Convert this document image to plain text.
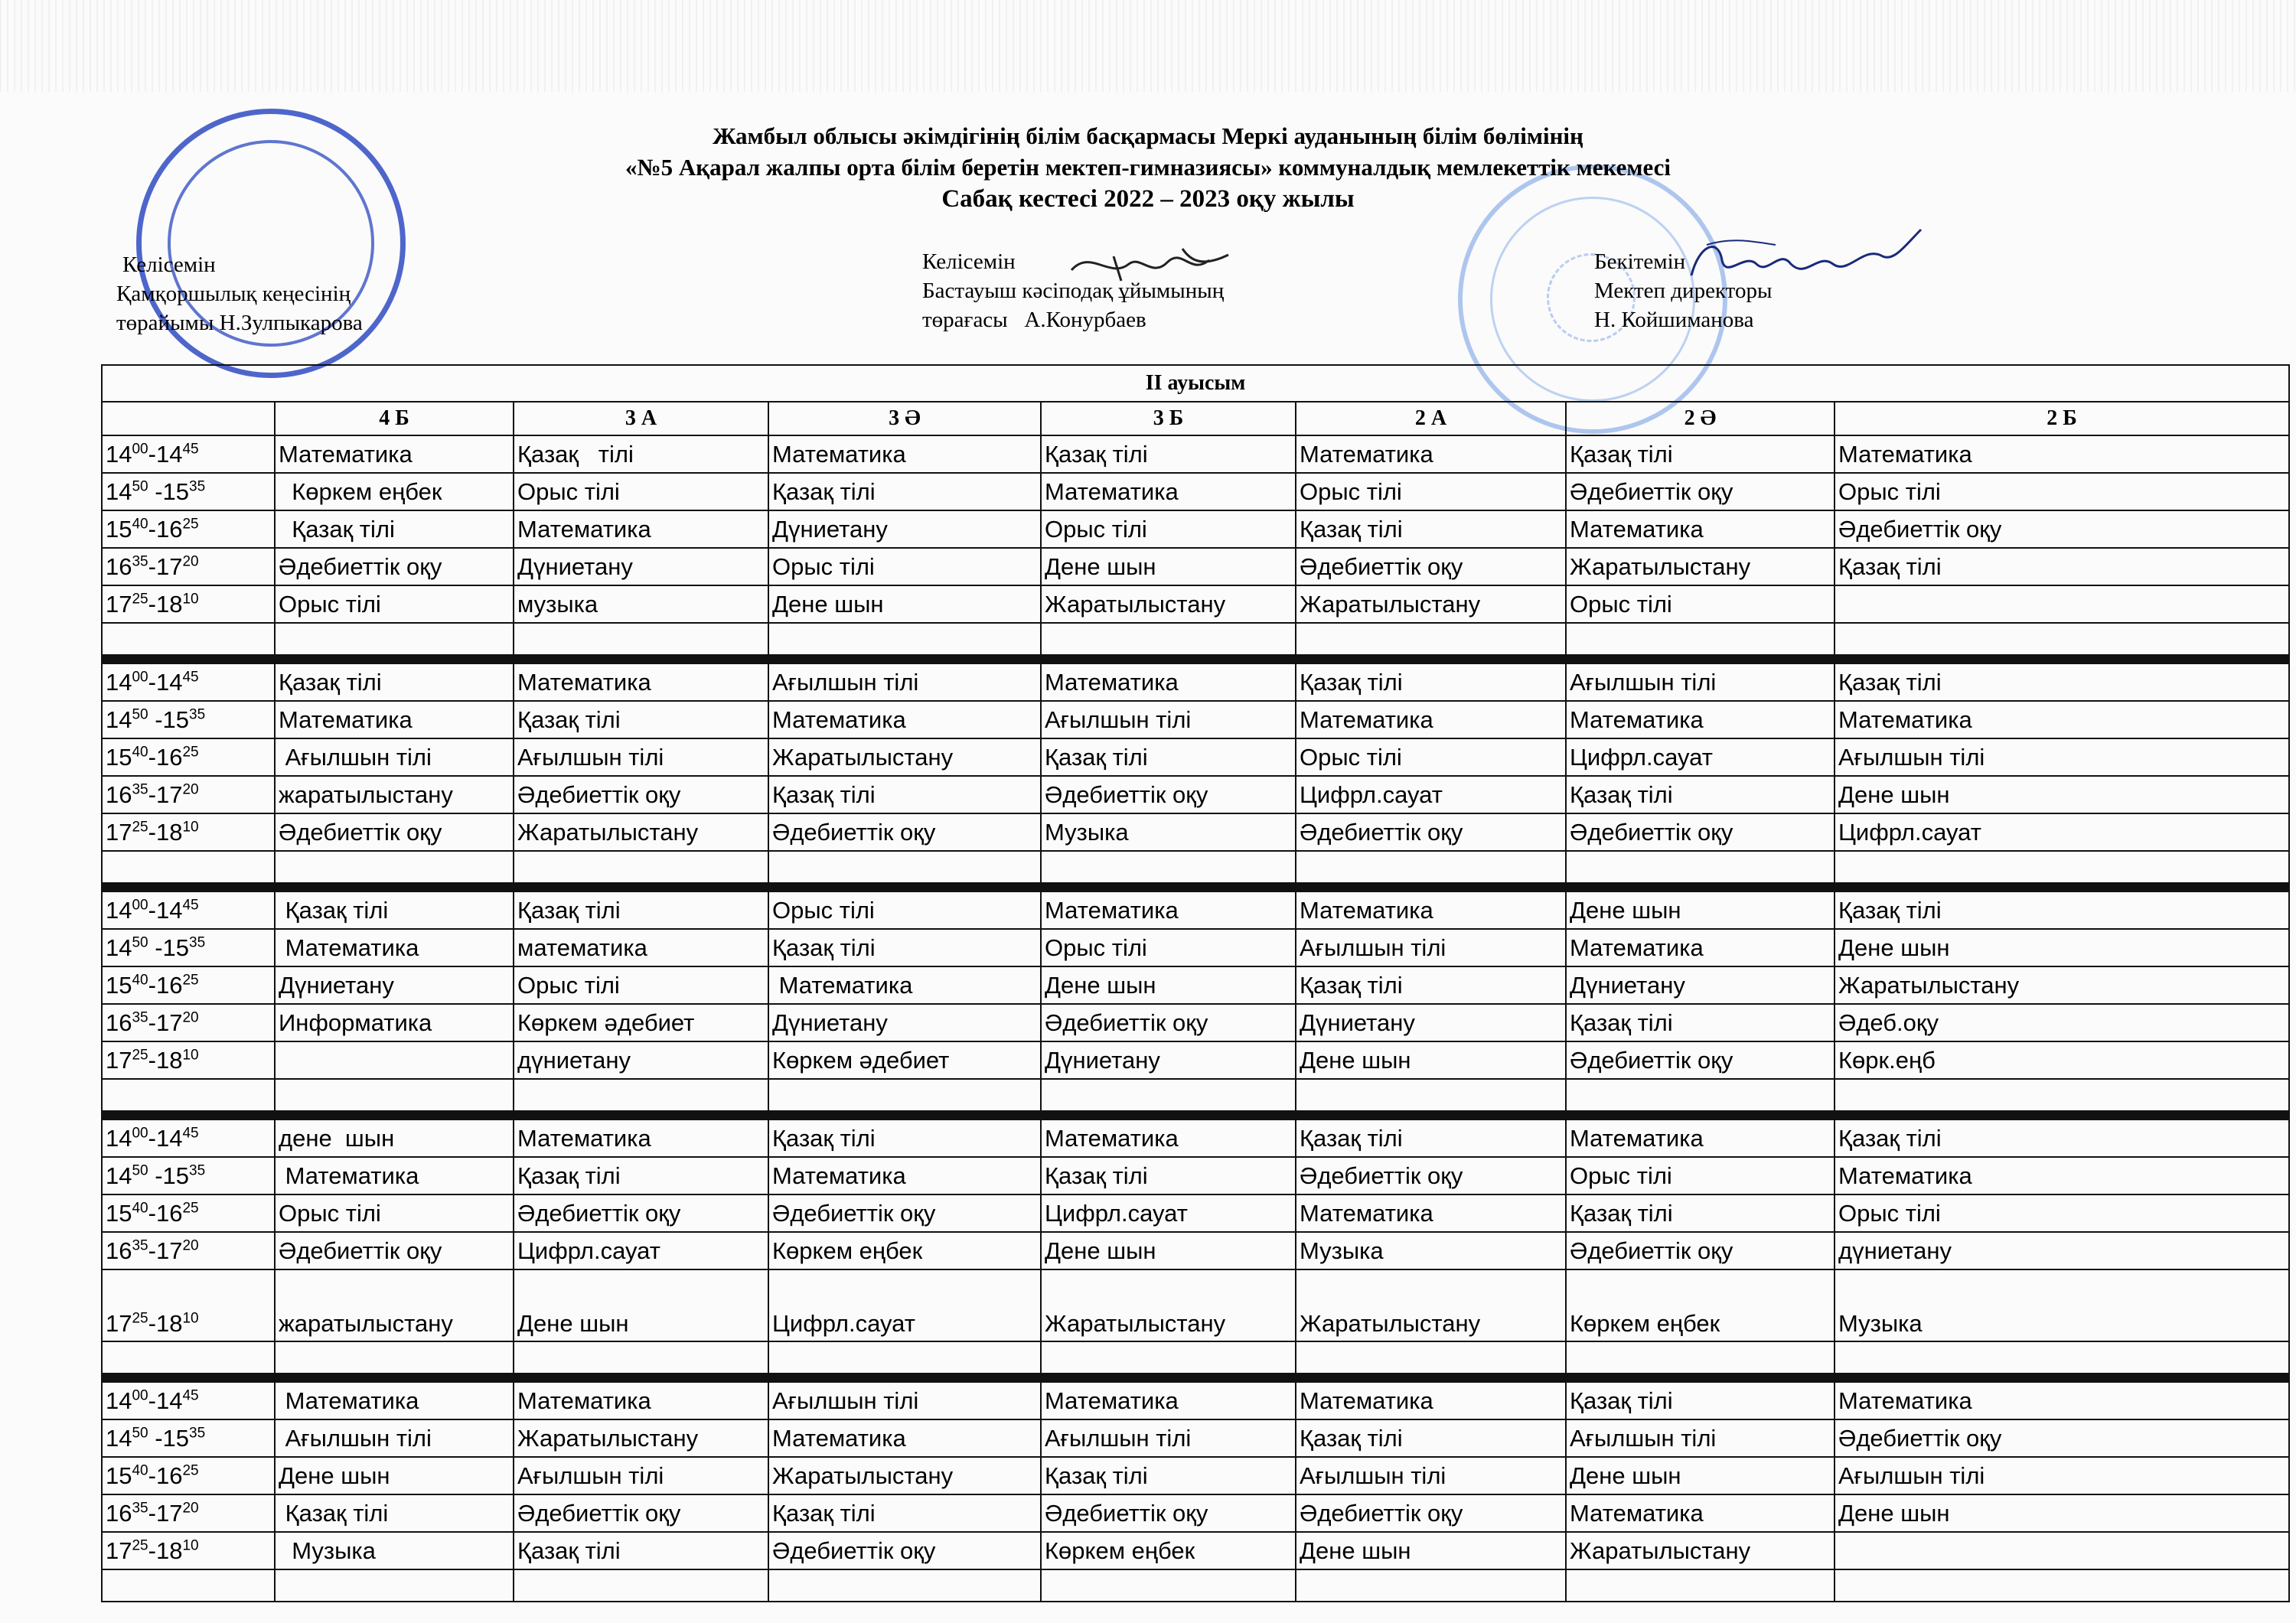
Жамбыл облысы әкімдігінің білім басқармасы Меркі ауданының білім бөлімінің
«№5 Ақарал жалпы орта білім беретін мектеп-гимназиясы» коммуналдық мемлекеттік мекемесі
Сабақ кестесі 2022 – 2023 оқу жылы
Келісемін
Қамқоршылық кеңесінің
төрайымы Н.Зулпыкарова
Келісемін
Бастауыш кәсіподақ ұйымының
төрағасы А.Конурбаев
Бекітемін
Мектеп директоры
Н. Койшиманова
II ауысым							
	4 Б	3 А	3 Ә	3 Б	2 А	2 Ә	2 Б
$14^{00}-14^{45}$	Математика	Қазақ   тілі	Математика	Қазақ тілі	Математика	Қазақ тілі	Математика
$14^{50}$ $-15^{35}$	Көркем еңбек	Орыс тілі	Қазақ тілі	Математика	Орыс тілі	Әдебиеттік оқу	Орыс тілі
$15^{40}-16^{25}$	Қазақ тілі	Математика	Дүниетану	Орыс тілі	Қазақ тілі	Математика	Әдебиеттік оқу
$16^{35}-17^{20}$	Әдебиеттік оқу	Дүниетану	Орыс тілі	Дене шын	Әдебиеттік оқу	Жаратылыстану	Қазақ тілі
$17^{25}-18^{10}$	Орыс тілі	музыка	Дене шын	Жаратылыстану	Жаратылыстану	Орыс тілі	

$14^{00}-14^{45}$	Қазақ тілі	Математика	Ағылшын тілі	Математика	Қазақ тілі	Ағылшын тілі	Қазақ тілі
$14^{50}$ $-15^{35}$	Математика	Қазақ тілі	Математика	Ағылшын тілі	Математика	Математика	Математика
$15^{40}-16^{25}$	Ағылшын тілі	Ағылшын тілі	Жаратылыстану	Қазақ тілі	Орыс тілі	Цифрл.сауат	Ағылшын тілі
$16^{35}-17^{20}$	жаратылыстану	Әдебиеттік оқу	Қазақ тілі	Әдебиеттік оқу	Цифрл.сауат	Қазақ тілі	Дене шын
$17^{25}-18^{10}$	Әдебиеттік оқу	Жаратылыстану	Әдебиеттік оқу	Музыка	Әдебиеттік оқу	Әдебиеттік оқу	Цифрл.сауат

$14^{00}-14^{45}$	Қазақ тілі	Қазақ тілі	Орыс тілі	Математика	Математика	Дене шын	Қазақ тілі
$14^{50}$ $-15^{35}$	Математика	математика	Қазақ тілі	Орыс тілі	Ағылшын тілі	Математика	Дене шын
$15^{40}-16^{25}$	Дүниетану	Орыс тілі	Математика	Дене шын	Қазақ тілі	Дүниетану	Жаратылыстану
$16^{35}-17^{20}$	Информатика	Көркем әдебиет	Дүниетану	Әдебиеттік оқу	Дүниетану	Қазақ тілі	Әдеб.оқу
$17^{25}-18^{10}$		дүниетану	Көркем әдебиет	Дүниетану	Дене шын	Әдебиеттік оқу	Көрк.еңб

$14^{00}-14^{45}$	дене  шын	Математика	Қазақ тілі	Математика	Қазақ тілі	Математика	Қазақ тілі
$14^{50}$ $-15^{35}$	Математика	Қазақ тілі	Математика	Қазақ тілі	Әдебиеттік оқу	Орыс тілі	Математика
$15^{40}-16^{25}$	Орыс тілі	Әдебиеттік оқу	Әдебиеттік оқу	Цифрл.сауат	Математика	Қазақ тілі	Орыс тілі
$16^{35}-17^{20}$	Әдебиеттік оқу	Цифрл.сауат	Көркем еңбек	Дене шын	Музыка	Әдебиеттік оқу	дүниетану
$17^{25}-18^{10}$	жаратылыстану	Дене шын	Цифрл.сауат	Жаратылыстану	Жаратылыстану	Көркем еңбек	Музыка

$14^{00}-14^{45}$	Математика	Математика	Ағылшын тілі	Математика	Математика	Қазақ тілі	Математика
$14^{50}$ $-15^{35}$	Ағылшын тілі	Жаратылыстану	Математика	Ағылшын тілі	Қазақ тілі	Ағылшын тілі	Әдебиеттік оқу
$15^{40}-16^{25}$	Дене шын	Ағылшын тілі	Жаратылыстану	Қазақ тілі	Ағылшын тілі	Дене шын	Ағылшын тілі
$16^{35}-17^{20}$	Қазақ тілі	Әдебиеттік оқу	Қазақ тілі	Әдебиеттік оқу	Әдебиеттік оқу	Математика	Дене шын
$17^{25}-18^{10}$	Музыка	Қазақ тілі	Әдебиеттік оқу	Көркем еңбек	Дене шын	Жаратылыстану	
